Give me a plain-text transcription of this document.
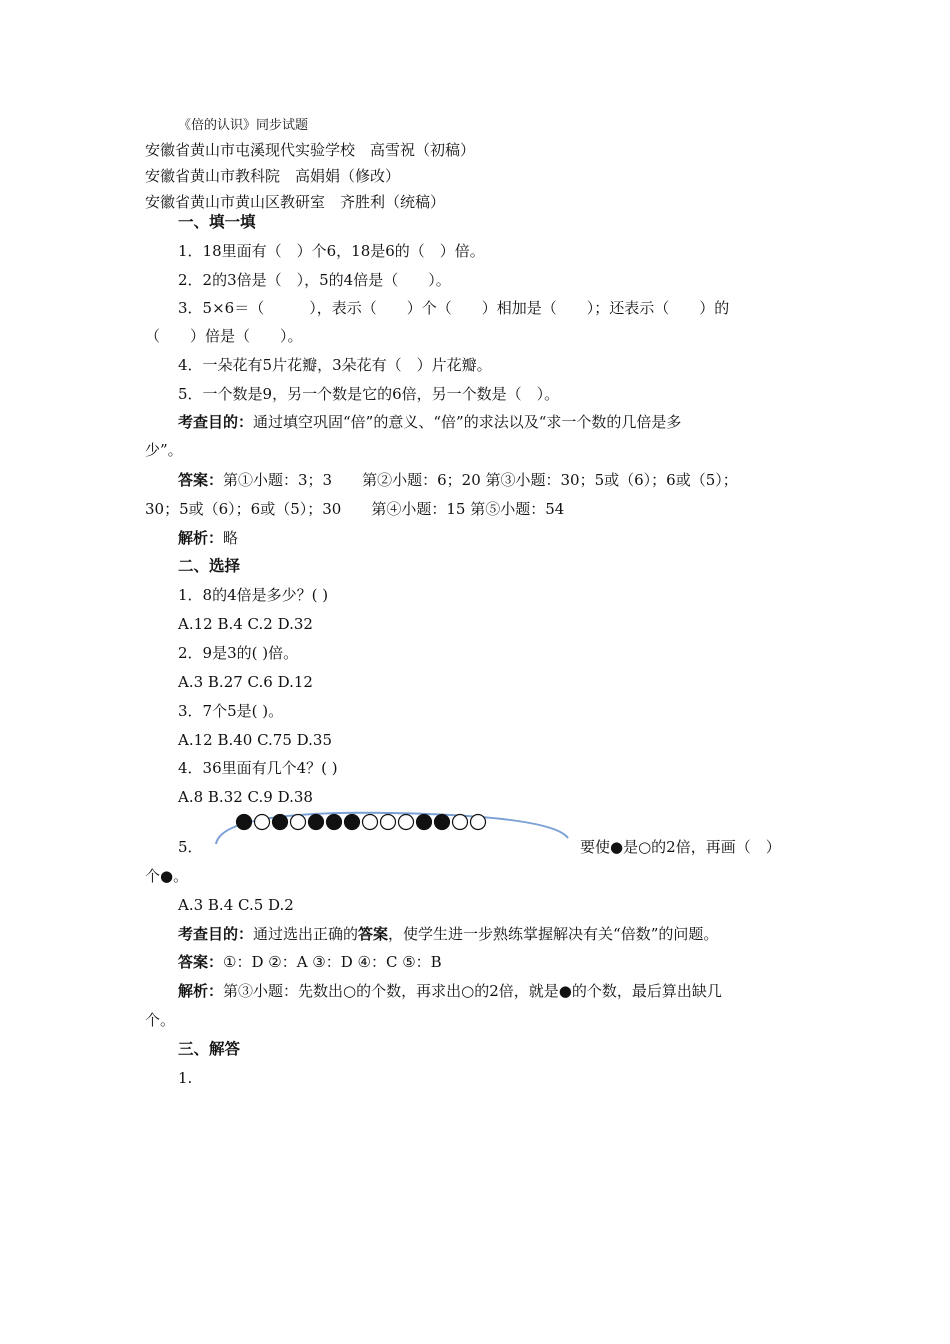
《倍的认识》同步试题
安徽省黄山市屯溪现代实验学校　高雪祝（初稿）
安徽省黄山市教科院　高娟娟（修改）
安徽省黄山市黄山区教研室　齐胜利（统稿）
一、填一填
1．18里面有（　）个6，18是6的（　）倍。
2．2的3倍是（　），5的4倍是（　　）。
3．5×6＝（　　　），表示（　　）个（　　）相加是（　　）；还表示（　　）的
（　　）倍是（　　）。
4．一朵花有5片花瓣，3朵花有（　）片花瓣。
5．一个数是9，另一个数是它的6倍，另一个数是（　）。
考查目的：通过填空巩固“倍”的意义、“倍”的求法以及“求一个数的几倍是多
少”。
答案：第①小题：3；3　　第②小题：6；20 第③小题：30；5或（6）；6或（5）；
30；5或（6）；6或（5）；30　　第④小题：15 第⑤小题：54
解析：略
二、选择
1．8的4倍是多少？( )
A.12 B.4 C.2 D.32
2．9是3的( )倍。
A.3 B.27 C.6 D.12
3．7个5是( )。
A.12 B.40 C.75 D.35
4．36里面有几个4？( )
A.8 B.32 C.9 D.38
5．	要使●是○的2倍，再画（　）
个●。
A.3 B.4 C.5 D.2
考查目的：通过选出正确的答案，使学生进一步熟练掌握解决有关“倍数”的问题。
答案：①：D ②：A ③：D ④：C ⑤：B
解析：第③小题：先数出○的个数，再求出○的2倍，就是●的个数，最后算出缺几
个。
三、解答
1.
